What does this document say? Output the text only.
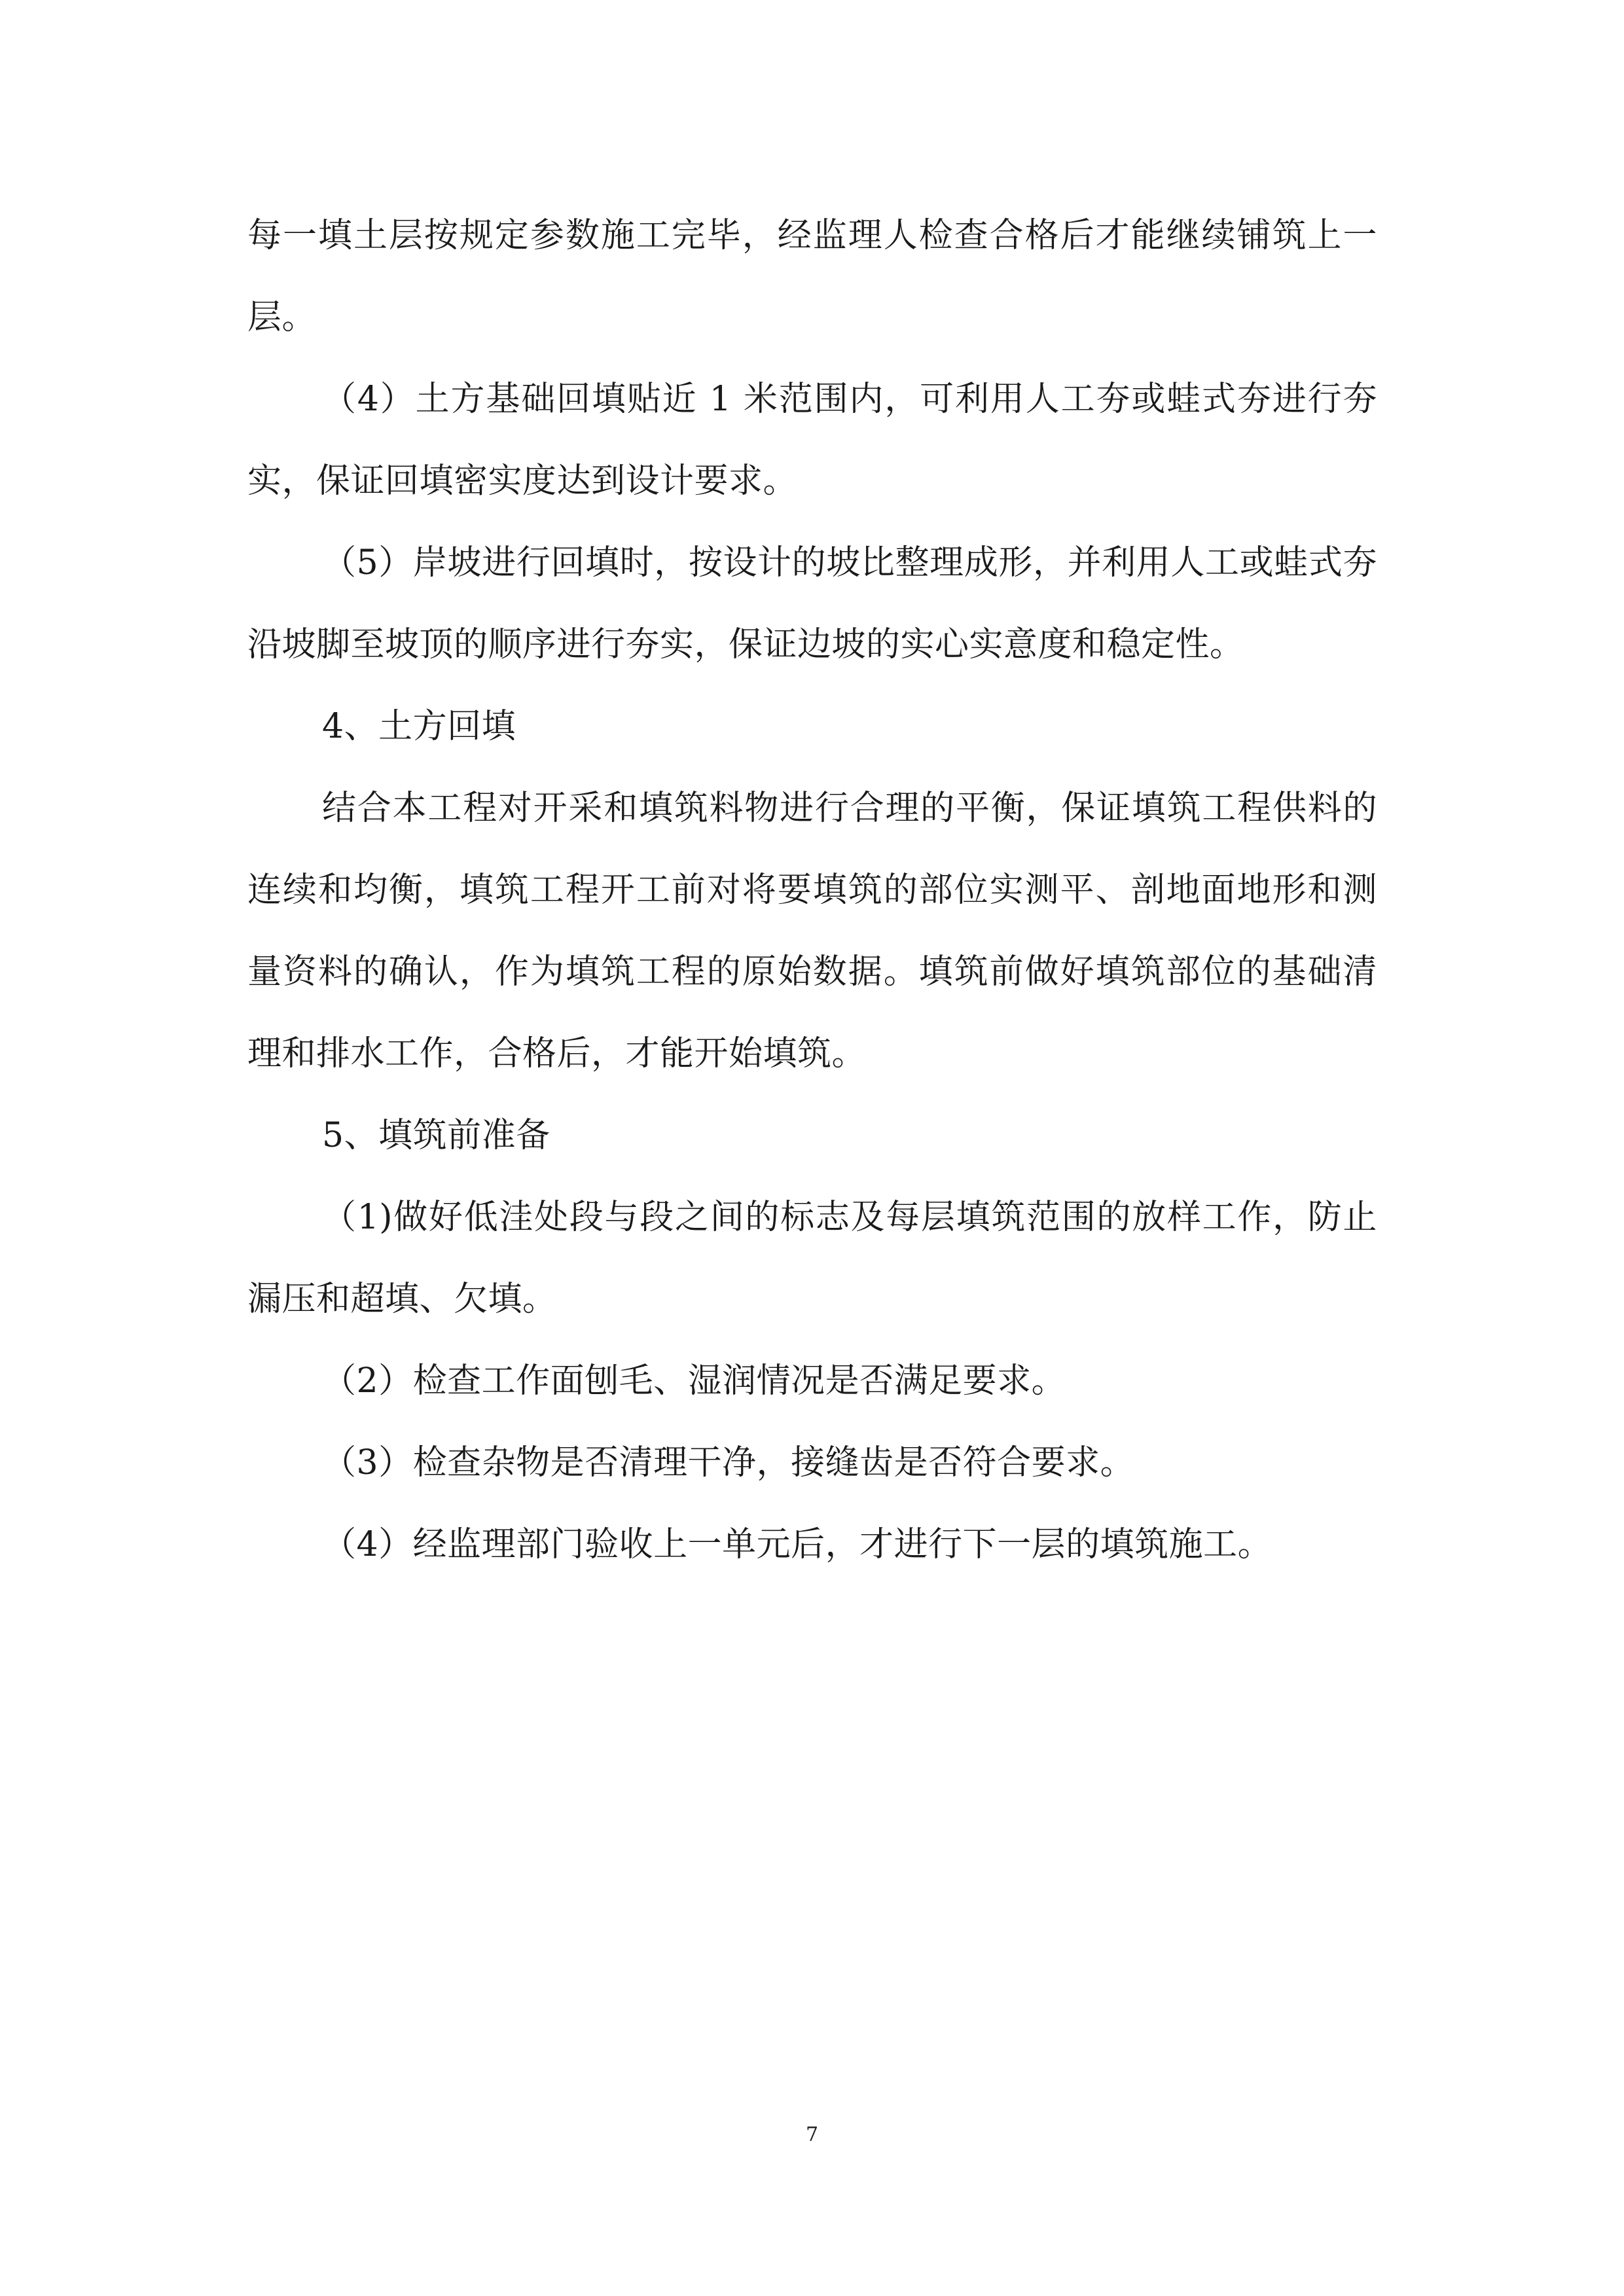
每一填土层按规定参数施工完毕，经监理人检查合格后才能继续铺筑上一层。

（4）土方基础回填贴近 1 米范围内，可利用人工夯或蛙式夯进行夯实，保证回填密实度达到设计要求。

（5）岸坡进行回填时，按设计的坡比整理成形，并利用人工或蛙式夯沿坡脚至坡顶的顺序进行夯实，保证边坡的实心实意度和稳定性。

4、土方回填

结合本工程对开采和填筑料物进行合理的平衡，保证填筑工程供料的连续和均衡，填筑工程开工前对将要填筑的部位实测平、剖地面地形和测量资料的确认，作为填筑工程的原始数据。填筑前做好填筑部位的基础清理和排水工作，合格后，才能开始填筑。

5、填筑前准备

（1)做好低洼处段与段之间的标志及每层填筑范围的放样工作，防止漏压和超填、欠填。

（2）检查工作面刨毛、湿润情况是否满足要求。

（3）检查杂物是否清理干净，接缝齿是否符合要求。

（4）经监理部门验收上一单元后，才进行下一层的填筑施工。

7
